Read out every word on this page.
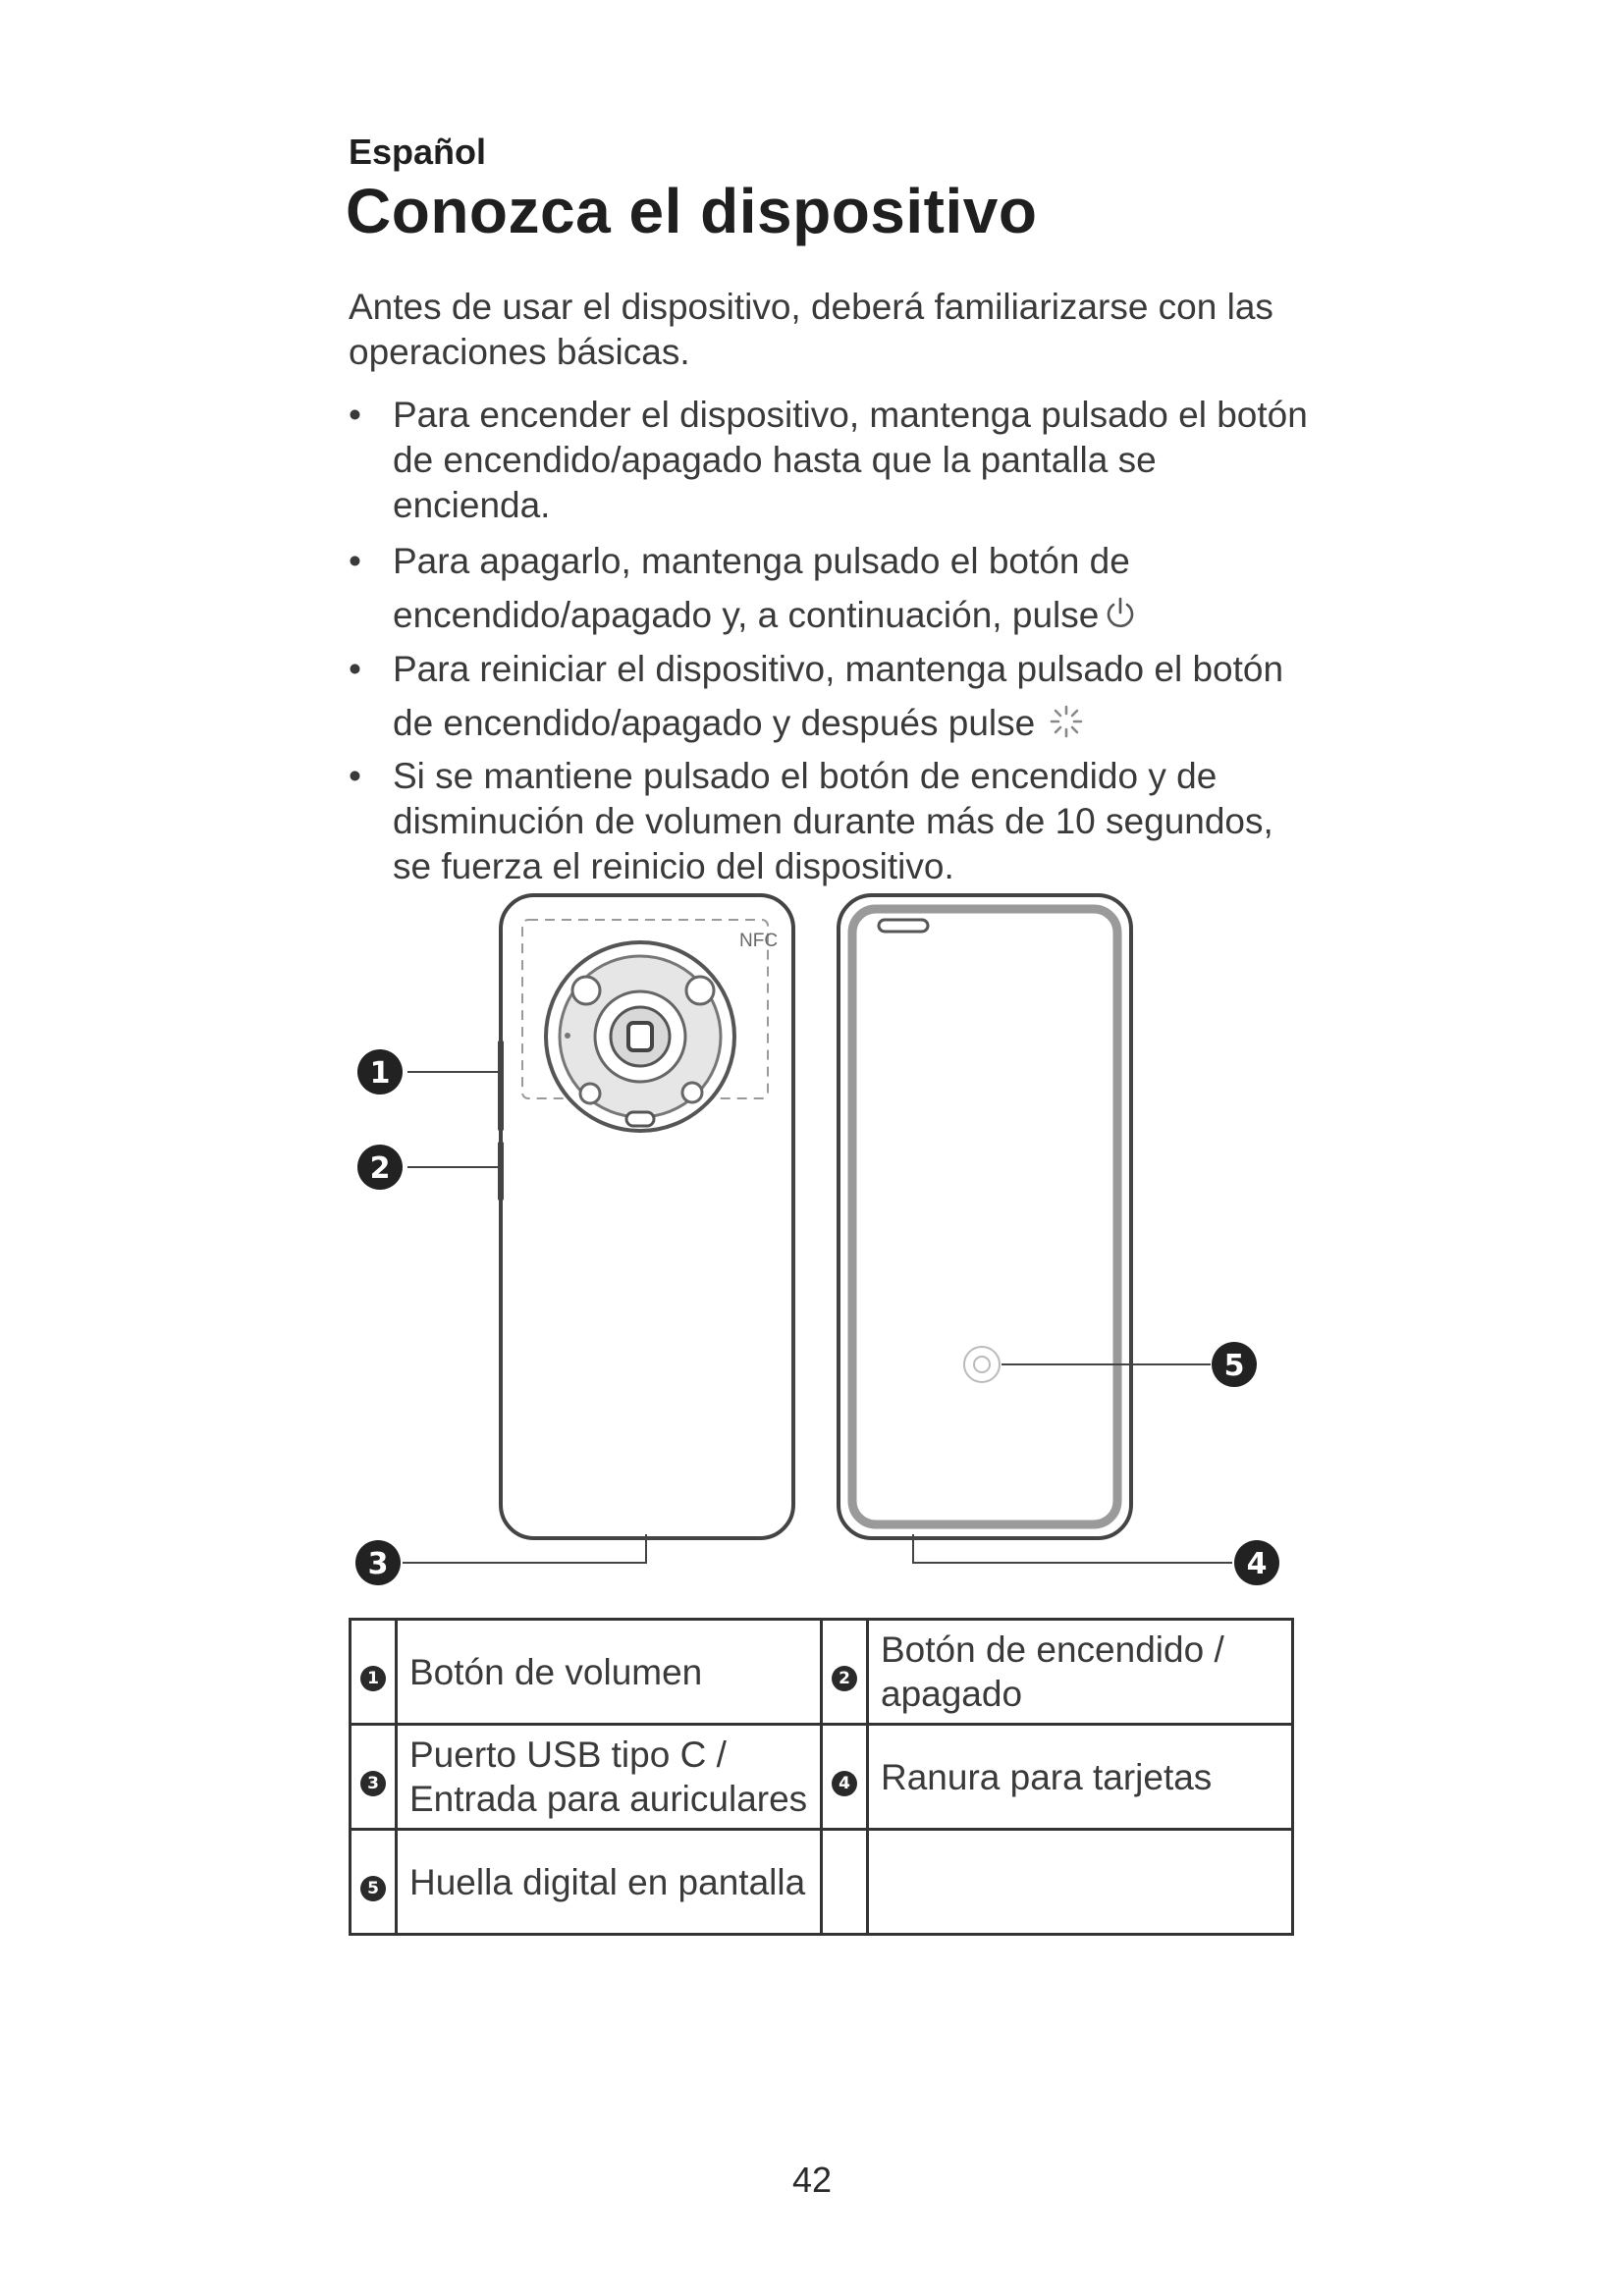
Español
Conozca el dispositivo
Antes de usar el dispositivo, deberá familiarizarse con las operaciones básicas.
• Para encender el dispositivo, mantenga pulsado el botón de encendido/apagado hasta que la pantalla se encienda.
• Para apagarlo, mantenga pulsado el botón de encendido/apagado y, a continuación, pulse
• Para reiniciar el dispositivo, mantenga pulsado el botón de encendido/apagado y después pulse
• Si se mantiene pulsado el botón de encendido y de disminución de volumen durante más de 10 segundos, se fuerza el reinicio del dispositivo.
NFC
1
2
3	4
5
1	Botón de volumen	2	Botón de encendido / apagado
3	Puerto USB tipo C / Entrada para auriculares	4	Ranura para tarjetas
5	Huella digital en pantalla		
42
